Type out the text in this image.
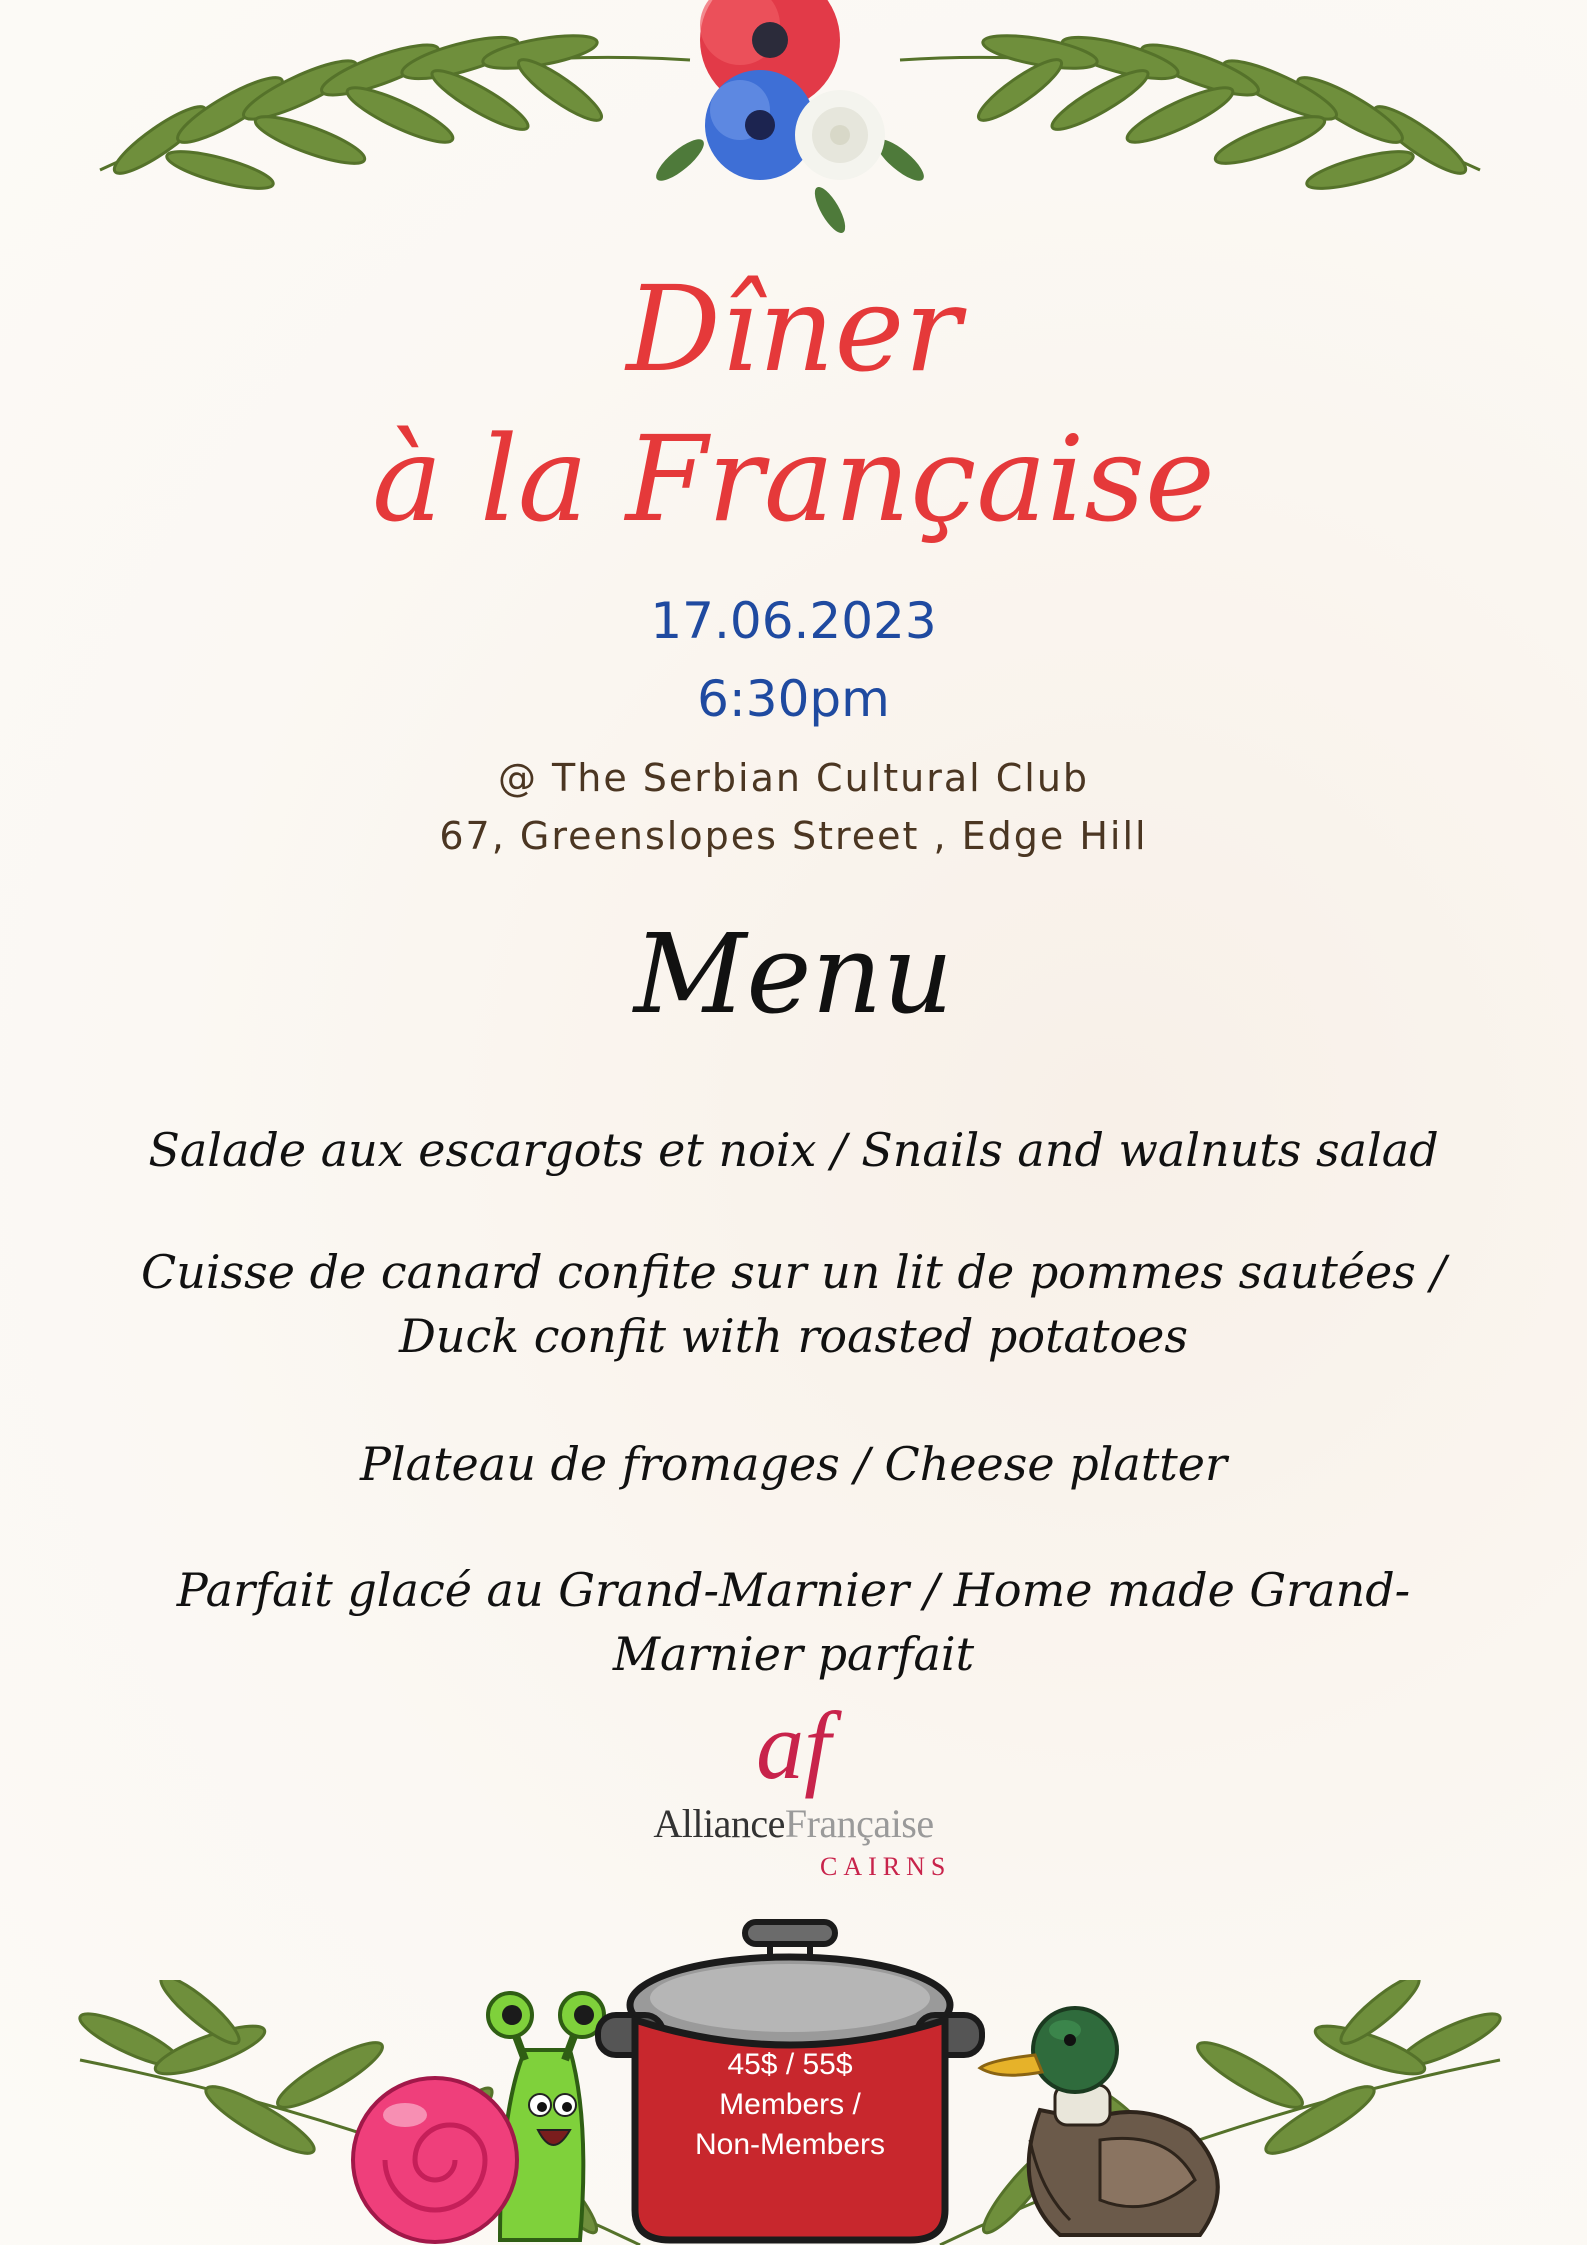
Dîner
à la Française
17.06.2023
6:30pm
@ The Serbian Cultural Club
67, Greenslopes Street , Edge Hill
Menu
Salade aux escargots et noix / Snails and walnuts salad
Cuisse de canard confite sur un lit de pommes sautées /
Duck confit with roasted potatoes
Plateau de fromages / Cheese platter
Parfait glacé au Grand-Marnier / Home made Grand-
Marnier parfait
af
AllianceFrançaise
CAIRNS
45$ / 55$
Members /
Non-Members
